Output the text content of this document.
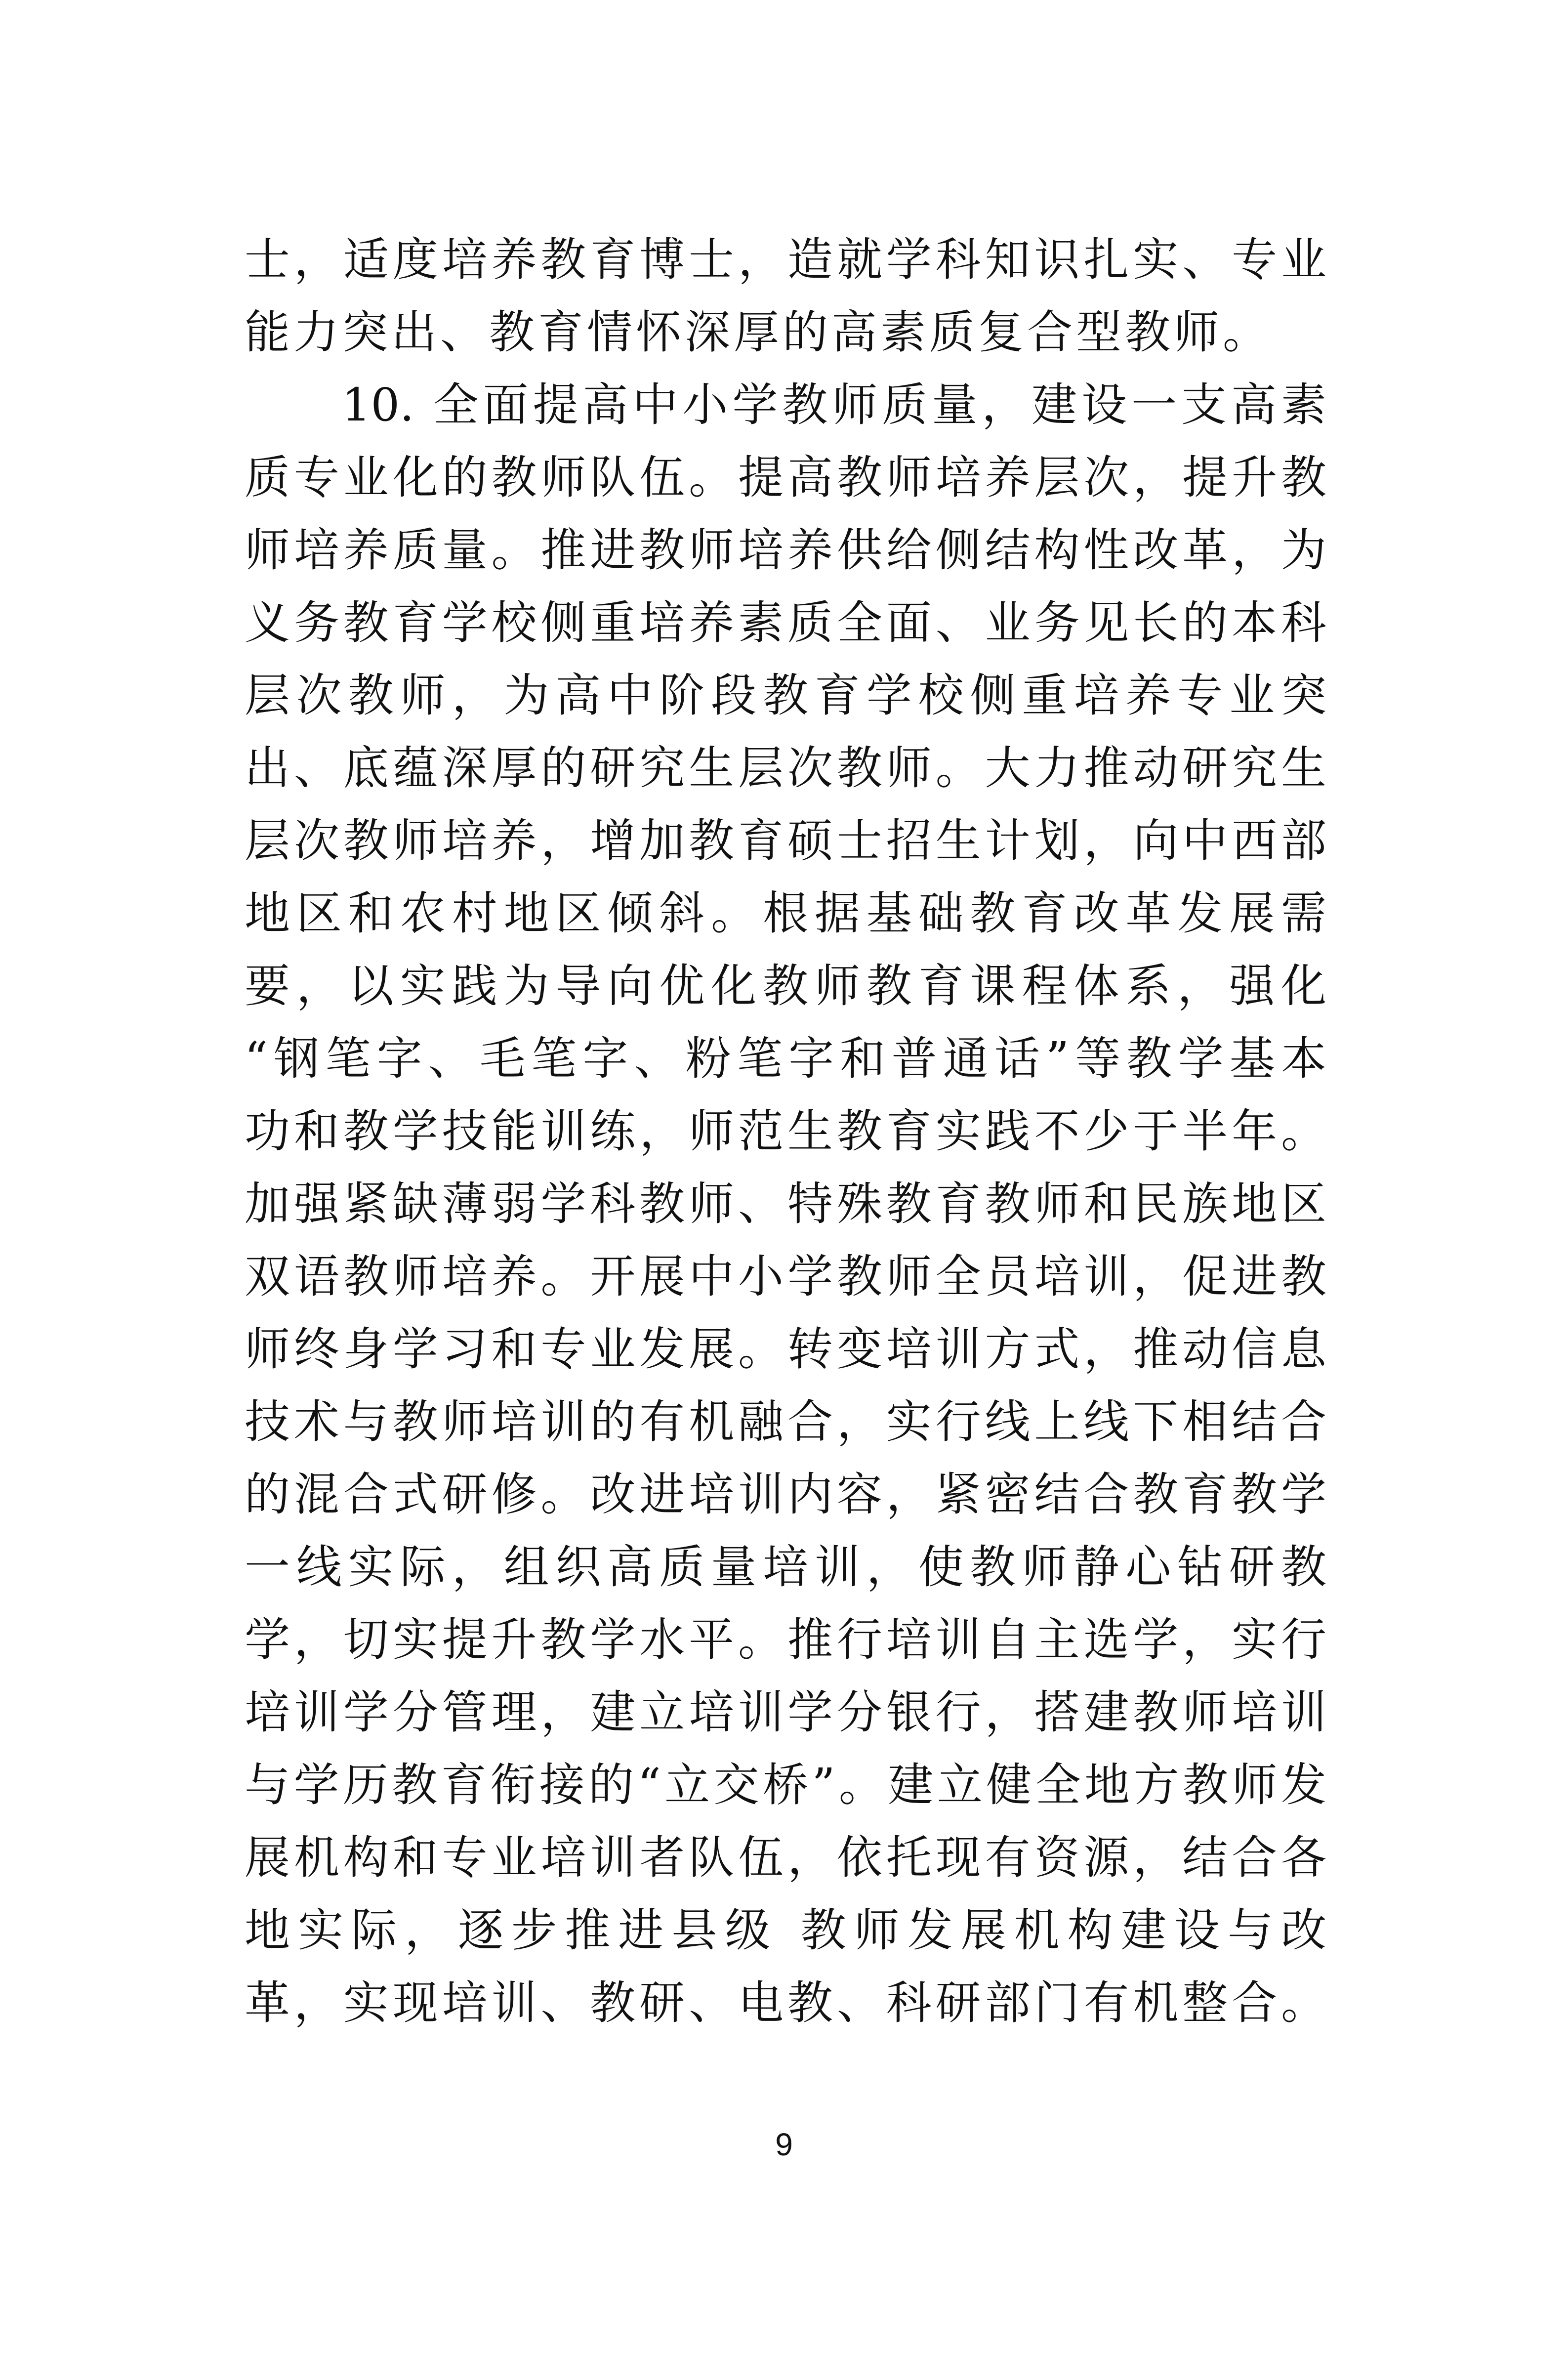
士，适度培养教育博士，造就学科知识扎实、专业
能力突出、教育情怀深厚的高素质复合型教师。
10. 全面提高中小学教师质量，建设一支高素
质专业化的教师队伍。提高教师培养层次，提升教
师培养质量。推进教师培养供给侧结构性改革，为
义务教育学校侧重培养素质全面、业务见长的本科
层次教师，为高中阶段教育学校侧重培养专业突
出、底蕴深厚的研究生层次教师。大力推动研究生
层次教师培养，增加教育硕士招生计划，向中西部
地区和农村地区倾斜。根据基础教育改革发展需
要，以实践为导向优化教师教育课程体系，强化
“钢笔字、毛笔字、粉笔字和普通话”等教学基本
功和教学技能训练，师范生教育实践不少于半年。
加强紧缺薄弱学科教师、特殊教育教师和民族地区
双语教师培养。开展中小学教师全员培训，促进教
师终身学习和专业发展。转变培训方式，推动信息
技术与教师培训的有机融合，实行线上线下相结合
的混合式研修。改进培训内容，紧密结合教育教学
一线实际，组织高质量培训，使教师静心钻研教
学，切实提升教学水平。推行培训自主选学，实行
培训学分管理，建立培训学分银行，搭建教师培训
与学历教育衔接的“立交桥”。建立健全地方教师发
展机构和专业培训者队伍，依托现有资源，结合各
地实际，逐步推进县级 教师发展机构建设与改
革，实现培训、教研、电教、科研部门有机整合。
9
